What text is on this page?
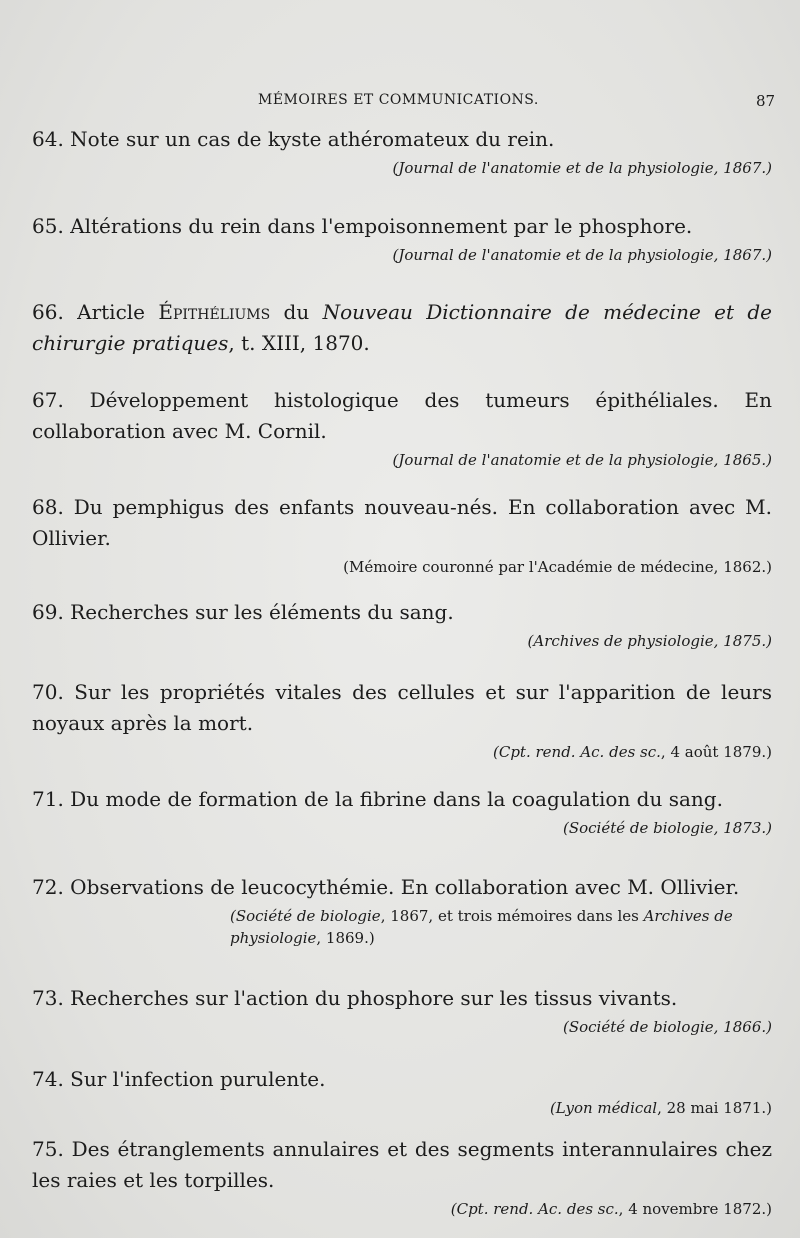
MÉMOIRES ET COMMUNICATIONS.	87

64. Note sur un cas de kyste athéromateux du rein.

(Journal de l'anatomie et de la physiologie, 1867.)

65. Altérations du rein dans l'empoisonnement par le phosphore.

(Journal de l'anatomie et de la physiologie, 1867.)

66. Article Épithéliums du Nouveau Dictionnaire de médecine et de chirurgie pratiques, t. XIII, 1870.

67. Développement histologique des tumeurs épithéliales. En collaboration avec M. Cornil.

(Journal de l'anatomie et de la physiologie, 1865.)

68. Du pemphigus des enfants nouveau-nés. En collaboration avec M. Ollivier.

(Mémoire couronné par l'Académie de médecine, 1862.)

69. Recherches sur les éléments du sang.

(Archives de physiologie, 1875.)

70. Sur les propriétés vitales des cellules et sur l'apparition de leurs noyaux après la mort.

(Cpt. rend. Ac. des sc., 4 août 1879.)

71. Du mode de formation de la fibrine dans la coagulation du sang.

(Société de biologie, 1873.)

72. Observations de leucocythémie. En collaboration avec M. Ollivier.

(Société de biologie, 1867, et trois mémoires dans les Archives de physiologie, 1869.)

73. Recherches sur l'action du phosphore sur les tissus vivants.

(Société de biologie, 1866.)

74. Sur l'infection purulente.

(Lyon médical, 28 mai 1871.)

75. Des étranglements annulaires et des segments interannulaires chez les raies et les torpilles.

(Cpt. rend. Ac. des sc., 4 novembre 1872.)
